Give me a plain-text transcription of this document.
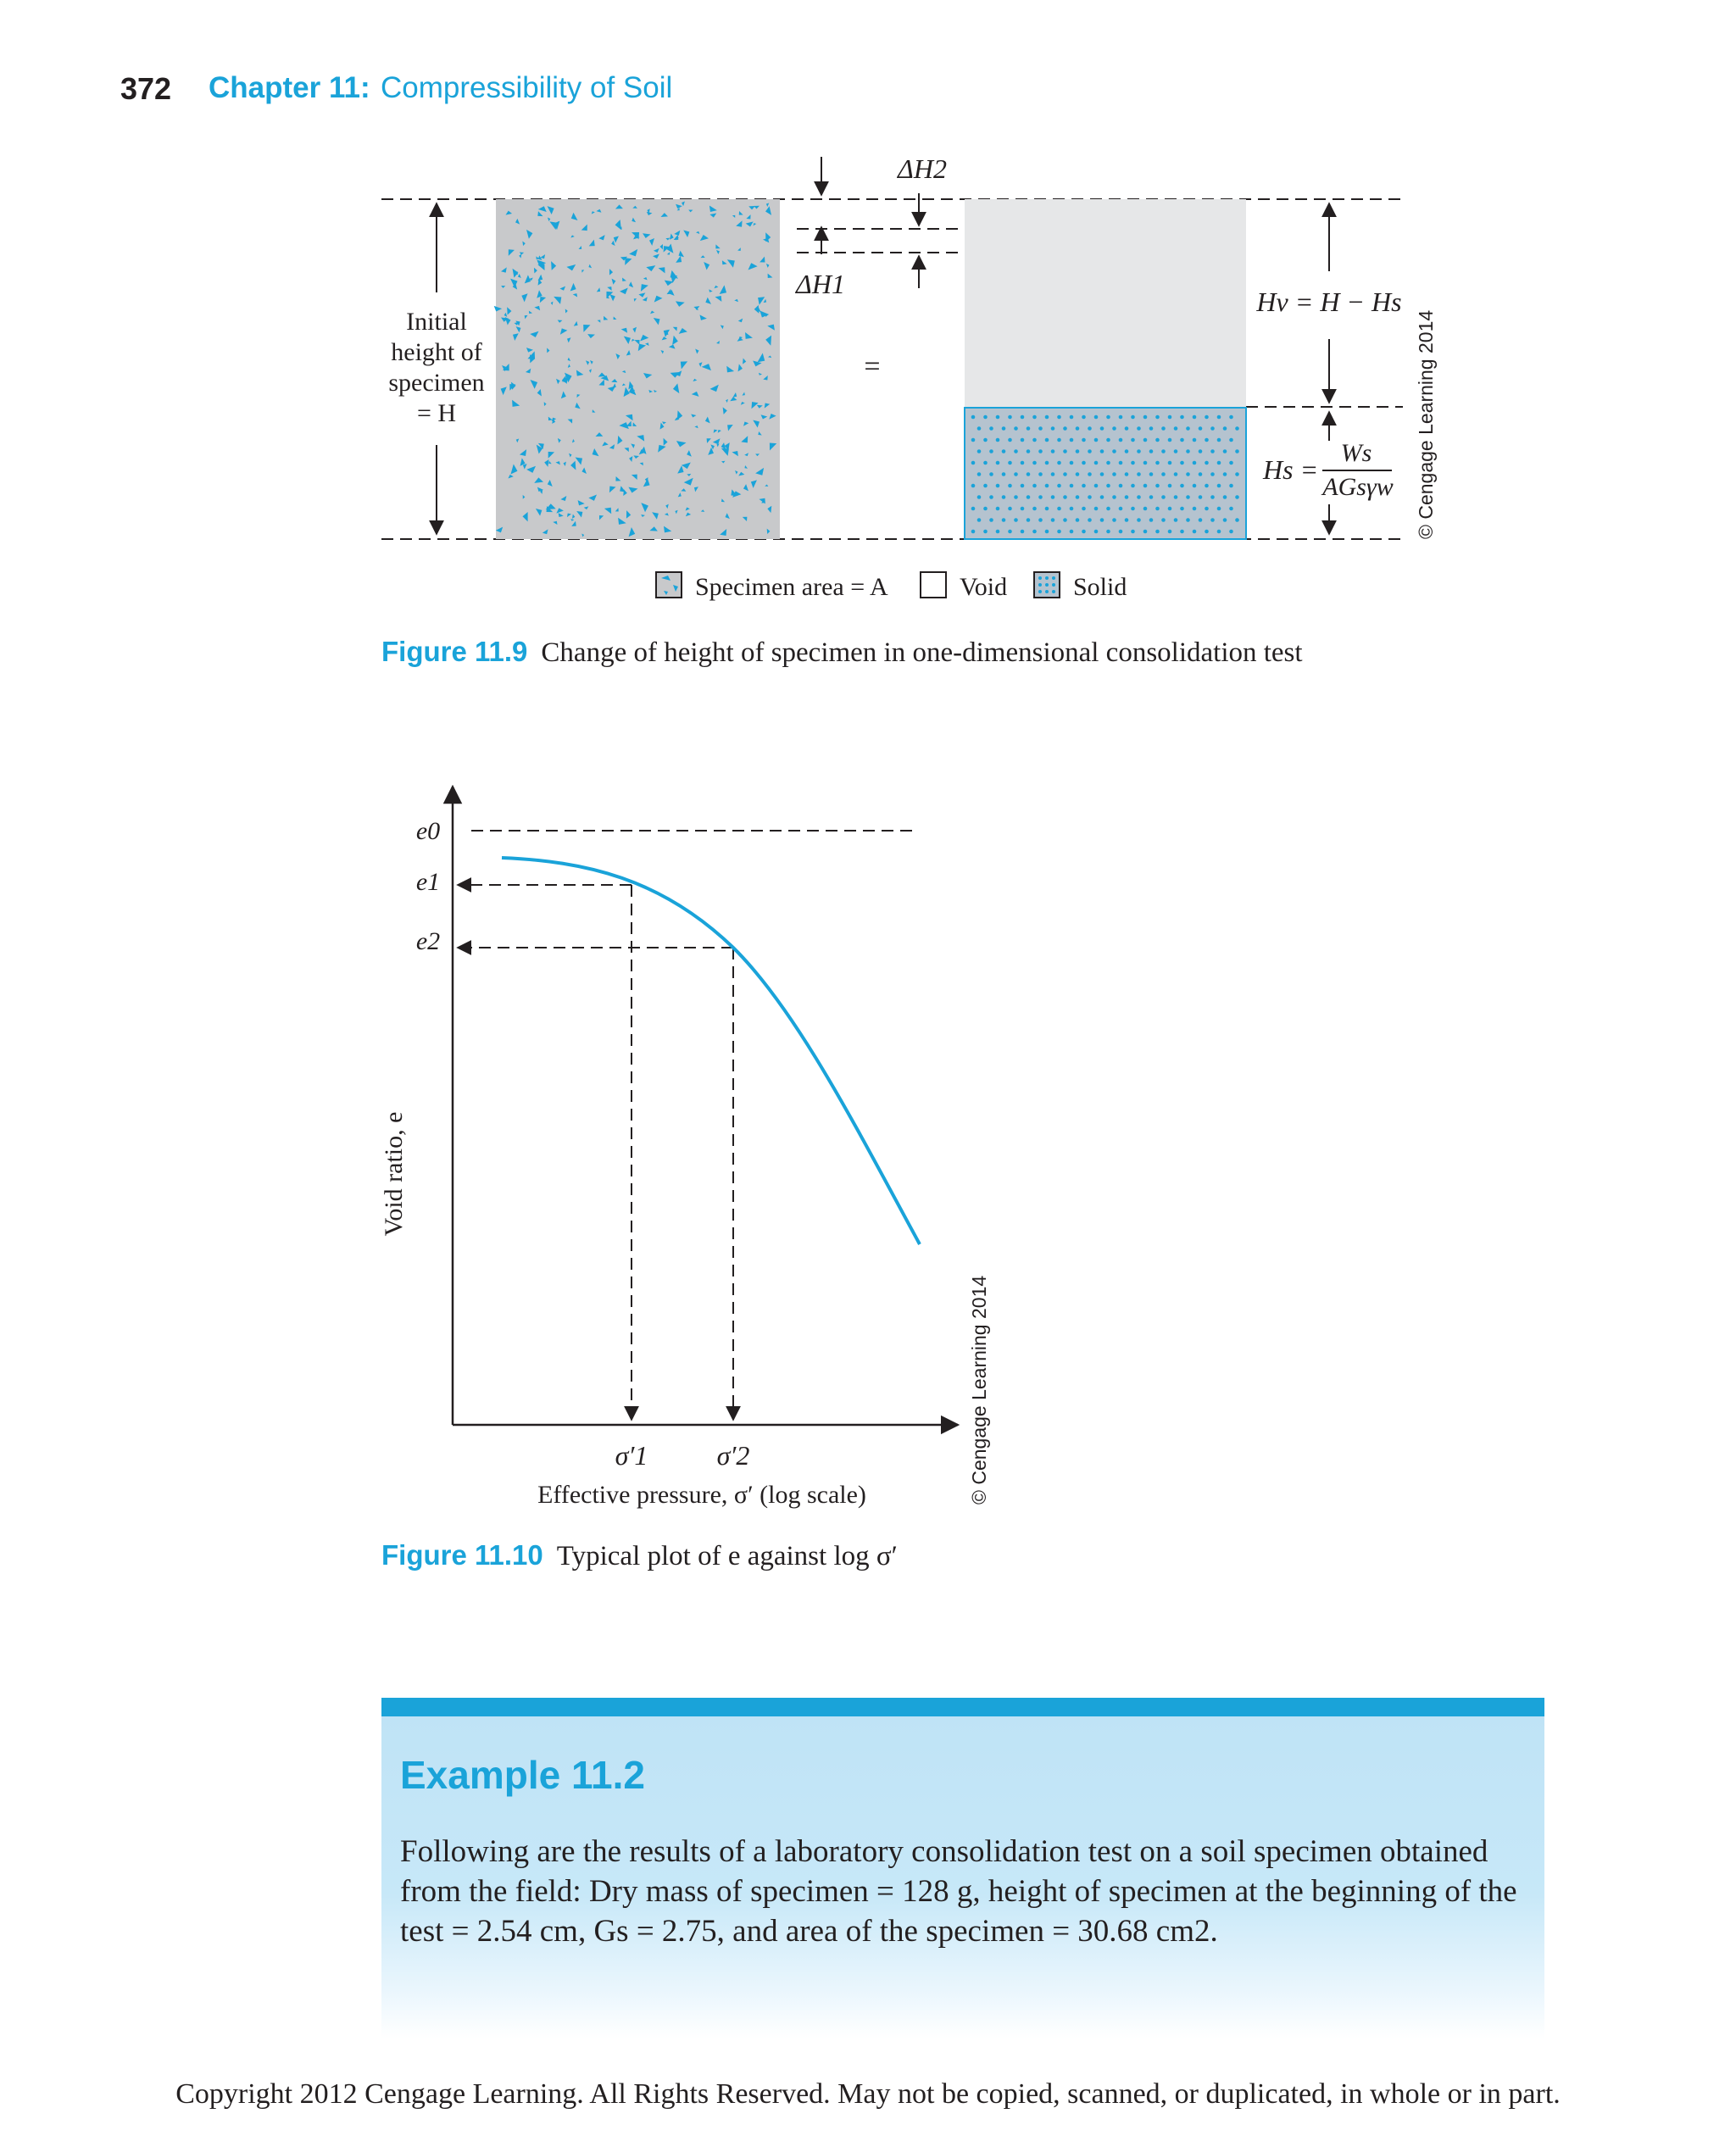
372 Chapter 11: Compressibility of Soil
Initial
height of
specimen
= H
ΔH1
ΔH2
=
Hv = H − Hs
Hs =
Ws
AGsγw © Cengage Learning 2014
Specimen area = A	Void	Solid
Figure 11.9 Change of height of specimen in one-dimensional consolidation test
e0
e1
e2
σ′1	σ′2
Effective pressure, σ′ (log scale)
Void ratio, e
© Cengage Learning 2014
Figure 11.10 Typical plot of e against log σ′
Example 11.2

Following are the results of a laboratory consolidation test on a soil specimen obtained from the field: Dry mass of specimen = 128 g, height of specimen at the beginning of the test = 2.54 cm, Gs = 2.75, and area of the specimen = 30.68 cm2.

Copyright 2012 Cengage Learning. All Rights Reserved. May not be copied, scanned, or duplicated, in whole or in part.
